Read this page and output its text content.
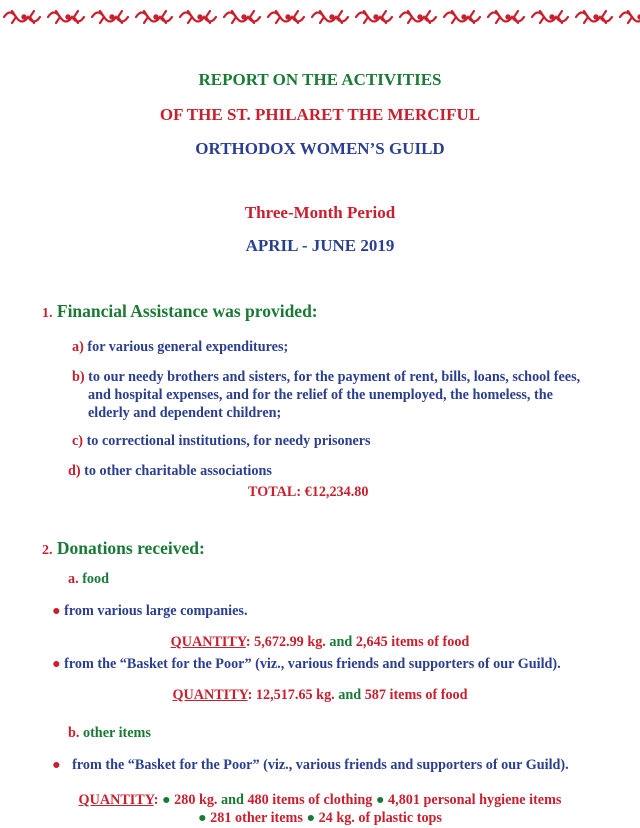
REPORT ON THE ACTIVITIES
OF THE ST. PHILARET THE MERCIFUL
ORTHODOX WOMEN’S GUILD
Three-Month Period
APRIL - JUNE 2019
1. Financial Assistance was provided:
a) for various general expenditures;
b) to our needy brothers and sisters, for the payment of rent, bills, loans, school fees,
and hospital expenses, and for the relief of the unemployed, the homeless, the
elderly and dependent children;
c) to correctional institutions, for needy prisoners
d) to other charitable associations
TOTAL: €12,234.80
2. Donations received:
a. food
● from various large companies.
QUANTITY: 5,672.99 kg. and 2,645 items of food
● from the “Basket for the Poor” (viz., various friends and supporters of our Guild).
QUANTITY: 12,517.65 kg. and 587 items of food
b. other items
● from the “Basket for the Poor” (viz., various friends and supporters of our Guild).
QUANTITY: ● 280 kg. and 480 items of clothing ● 4,801 personal hygiene items
● 281 other items ● 24 kg. of plastic tops
